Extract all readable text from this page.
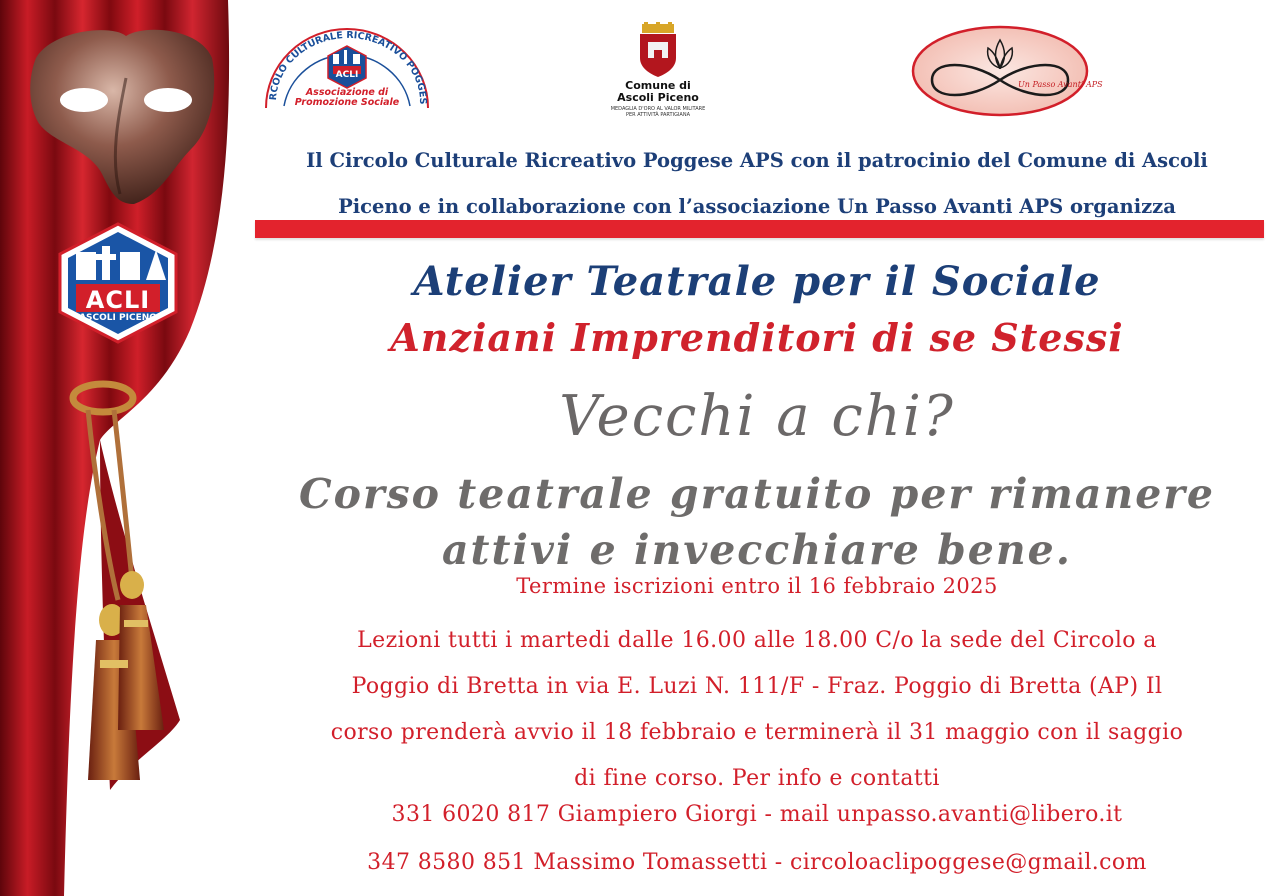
ACLI
ASCOLI PICENO
RCOLO CULTURALE RICREATIVO POGGES
ACLI
Associazione di
Promozione Sociale
Comune di
Ascoli Piceno
MEDAGLIA D'ORO AL VALOR MILITARE
PER ATTIVITÀ PARTIGIANA
Un Passo Avanti APS
Il Circolo Culturale Ricreativo Poggese APS con il patrocinio del Comune di Ascoli
Piceno e in collaborazione con l’associazione Un Passo Avanti APS organizza
Atelier Teatrale per il Sociale
Anziani Imprenditori di se Stessi
Vecchi a chi?
Corso teatrale gratuito per rimanere
attivi e invecchiare bene.
Termine iscrizioni entro il 16 febbraio 2025
Lezioni tutti i martedi dalle 16.00 alle 18.00 C/o la sede del Circolo a
Poggio di Bretta in via E. Luzi N. 111/F - Fraz. Poggio di Bretta (AP) Il
corso prenderà avvio il 18 febbraio e terminerà il 31 maggio con il saggio
di fine corso. Per info e contatti
331 6020 817 Giampiero Giorgi - mail unpasso.avanti@libero.it
347 8580 851 Massimo Tomassetti - circoloaclipoggese@gmail.com
